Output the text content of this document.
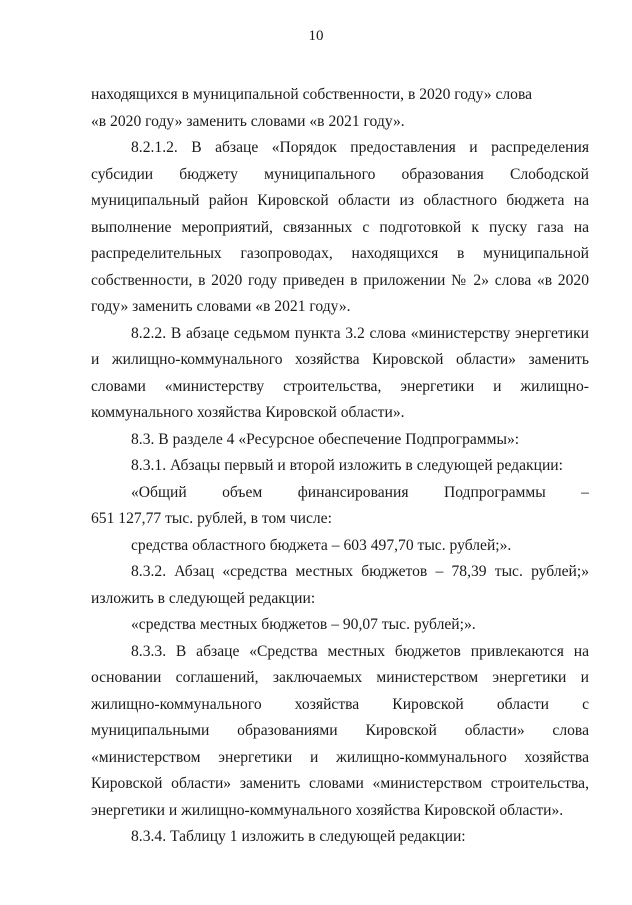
10

находящихся в муниципальной собственности, в 2020 году» слова

«в 2020 году» заменить словами «в 2021 году».

8.2.1.2. В абзаце «Порядок предоставления и распределения субсидии бюджету муниципального образования Слободской муниципальный район Кировской области из областного бюджета на выполнение мероприятий, связанных с подготовкой к пуску газа на распределительных газопроводах, находящихся в муниципальной собственности, в 2020 году приведен в приложении № 2» слова «в 2020 году» заменить словами «в 2021 году».

8.2.2. В абзаце седьмом пункта 3.2 слова «министерству энергетики и жилищно-коммунального хозяйства Кировской области» заменить словами «министерству строительства, энергетики и жилищно-коммунального хозяйства Кировской области».

8.3. В разделе 4 «Ресурсное обеспечение Подпрограммы»:

8.3.1. Абзацы первый и второй изложить в следующей редакции:

«Общий объем финансирования Подпрограммы –

651 127,77 тыс. рублей, в том числе:

средства областного бюджета – 603 497,70 тыс. рублей;».

8.3.2. Абзац «средства местных бюджетов – 78,39 тыс. рублей;» изложить в следующей редакции:

«средства местных бюджетов – 90,07 тыс. рублей;».

8.3.3. В абзаце «Средства местных бюджетов привлекаются на основании соглашений, заключаемых министерством энергетики и жилищно-коммунального хозяйства Кировской области с муниципальными образованиями Кировской области» слова «министерством энергетики и жилищно-коммунального хозяйства Кировской области» заменить словами «министерством строительства, энергетики и жилищно-коммунального хозяйства Кировской области».

8.3.4. Таблицу 1 изложить в следующей редакции:
